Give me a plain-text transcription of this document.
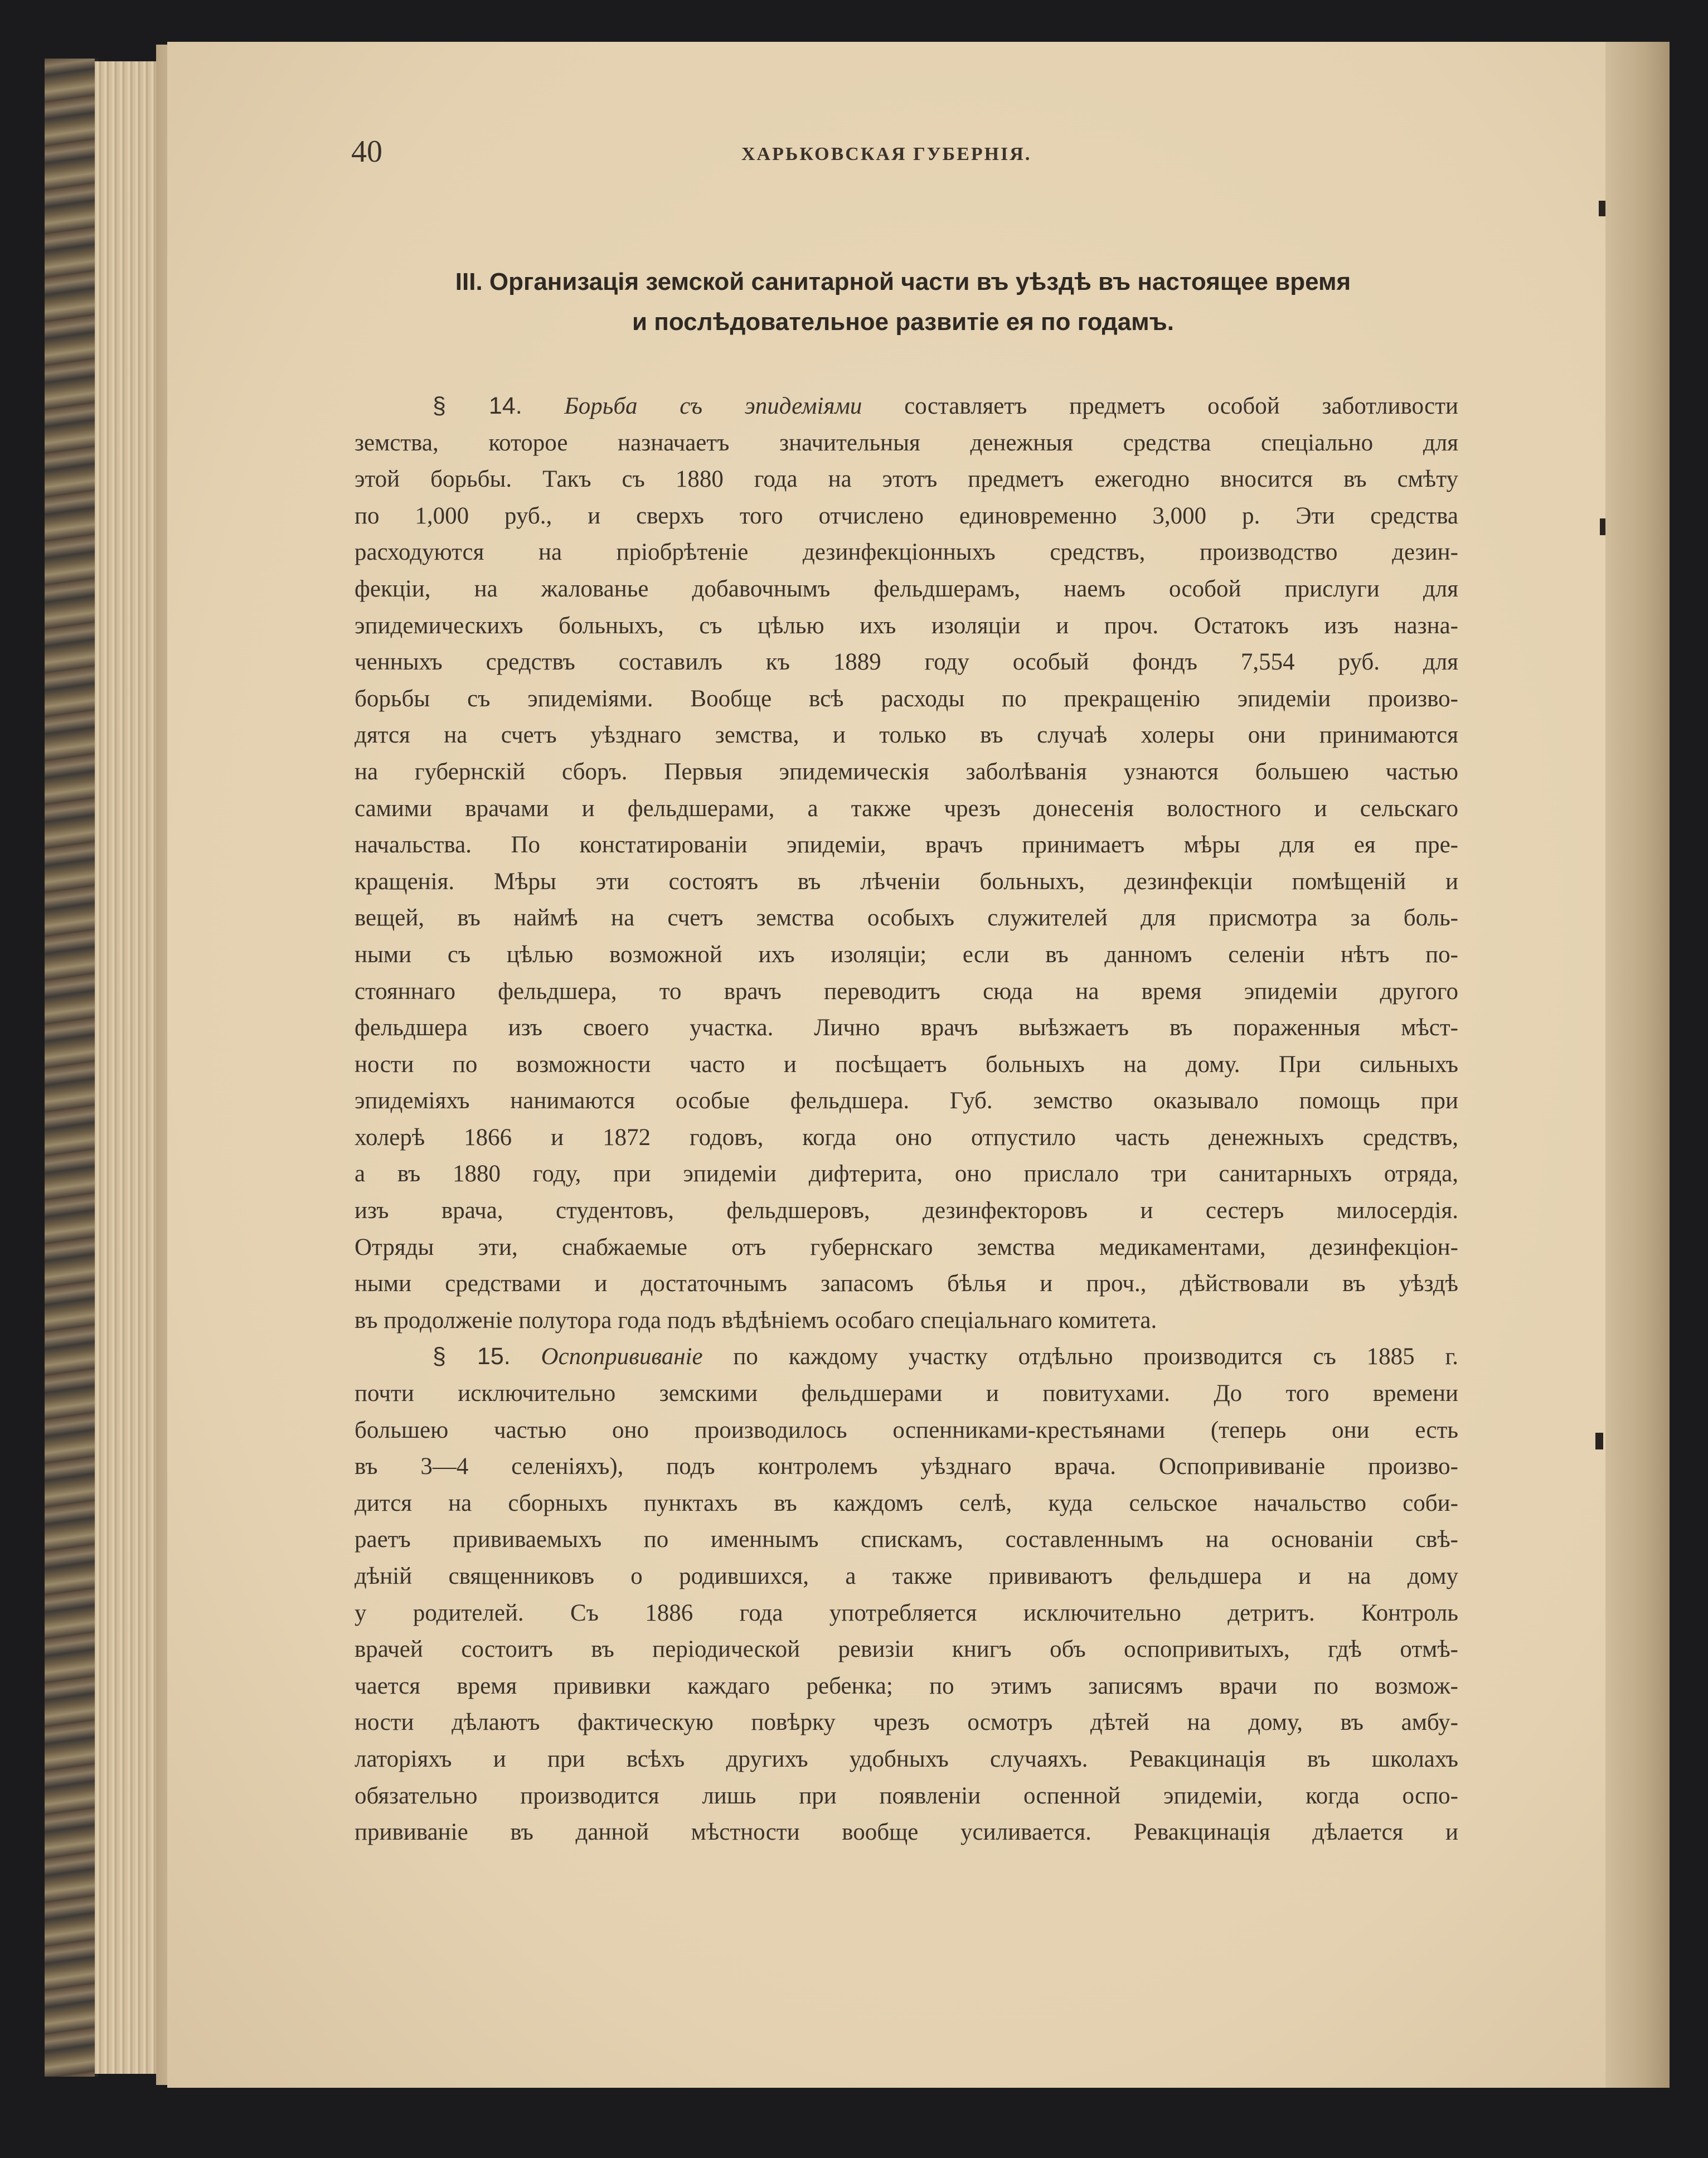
40	ХАРЬКОВСКАЯ ГУБЕРНІЯ.
III. Организація земской санитарной части въ уѣздѣ въ настоящее время
и послѣдовательное развитіе ея по годамъ.
§ 14. Борьба съ эпидеміями составляетъ предметъ особой заботливости
земства, которое назначаетъ значительныя денежныя средства спеціально для
этой борьбы. Такъ съ 1880 года на этотъ предметъ ежегодно вносится въ смѣту
по 1,000 руб., и сверхъ того отчислено единовременно 3,000 р. Эти средства
расходуются на пріобрѣтеніе дезинфекціонныхъ средствъ, производство дезин-
фекціи, на жалованье добавочнымъ фельдшерамъ, наемъ особой прислуги для
эпидемическихъ больныхъ, съ цѣлью ихъ изоляціи и проч. Остатокъ изъ назна-
ченныхъ средствъ составилъ къ 1889 году особый фондъ 7,554 руб. для
борьбы съ эпидеміями. Вообще всѣ расходы по прекращенію эпидеміи произво-
дятся на счетъ уѣзднаго земства, и только въ случаѣ холеры они принимаются
на губернскій сборъ. Первыя эпидемическія заболѣванія узнаются большею частью
самими врачами и фельдшерами, а также чрезъ донесенія волостного и сельскаго
начальства. По констатированіи эпидеміи, врачъ принимаетъ мѣры для ея пре-
кращенія. Мѣры эти состоятъ въ лѣченіи больныхъ, дезинфекціи помѣщеній и
вещей, въ наймѣ на счетъ земства особыхъ служителей для присмотра за боль-
ными съ цѣлью возможной ихъ изоляціи; если въ данномъ селеніи нѣтъ по-
стояннаго фельдшера, то врачъ переводитъ сюда на время эпидеміи другого
фельдшера изъ своего участка. Лично врачъ выѣзжаетъ въ пораженныя мѣст-
ности по возможности часто и посѣщаетъ больныхъ на дому. При сильныхъ
эпидеміяхъ нанимаются особые фельдшера. Губ. земство оказывало помощь при
холерѣ 1866 и 1872 годовъ, когда оно отпустило часть денежныхъ средствъ,
а въ 1880 году, при эпидеміи дифтерита, оно прислало три санитарныхъ отряда,
изъ врача, студентовъ, фельдшеровъ, дезинфекторовъ и сестеръ милосердія.
Отряды эти, снабжаемые отъ губернскаго земства медикаментами, дезинфекціон-
ными средствами и достаточнымъ запасомъ бѣлья и проч., дѣйствовали въ уѣздѣ
въ продолженіе полутора года подъ вѣдѣніемъ особаго спеціальнаго комитета.
§ 15. Оспопрививаніе по каждому участку отдѣльно производится съ 1885 г.
почти исключительно земскими фельдшерами и повитухами. До того времени
большею частью оно производилось оспенниками-крестьянами (теперь они есть
въ 3—4 селеніяхъ), подъ контролемъ уѣзднаго врача. Оспопрививаніе произво-
дится на сборныхъ пунктахъ въ каждомъ селѣ, куда сельское начальство соби-
раетъ прививаемыхъ по именнымъ спискамъ, составленнымъ на основаніи свѣ-
дѣній священниковъ о родившихся, а также прививаютъ фельдшера и на дому
у родителей. Съ 1886 года употребляется исключительно детритъ. Контроль
врачей состоитъ въ періодической ревизіи книгъ объ оспопривитыхъ, гдѣ отмѣ-
чается время прививки каждаго ребенка; по этимъ записямъ врачи по возмож-
ности дѣлаютъ фактическую повѣрку чрезъ осмотръ дѣтей на дому, въ амбу-
латоріяхъ и при всѣхъ другихъ удобныхъ случаяхъ. Ревакцинація въ школахъ
обязательно производится лишь при появленіи оспенной эпидеміи, когда оспо-
прививаніе въ данной мѣстности вообще усиливается. Ревакцинація дѣлается и
